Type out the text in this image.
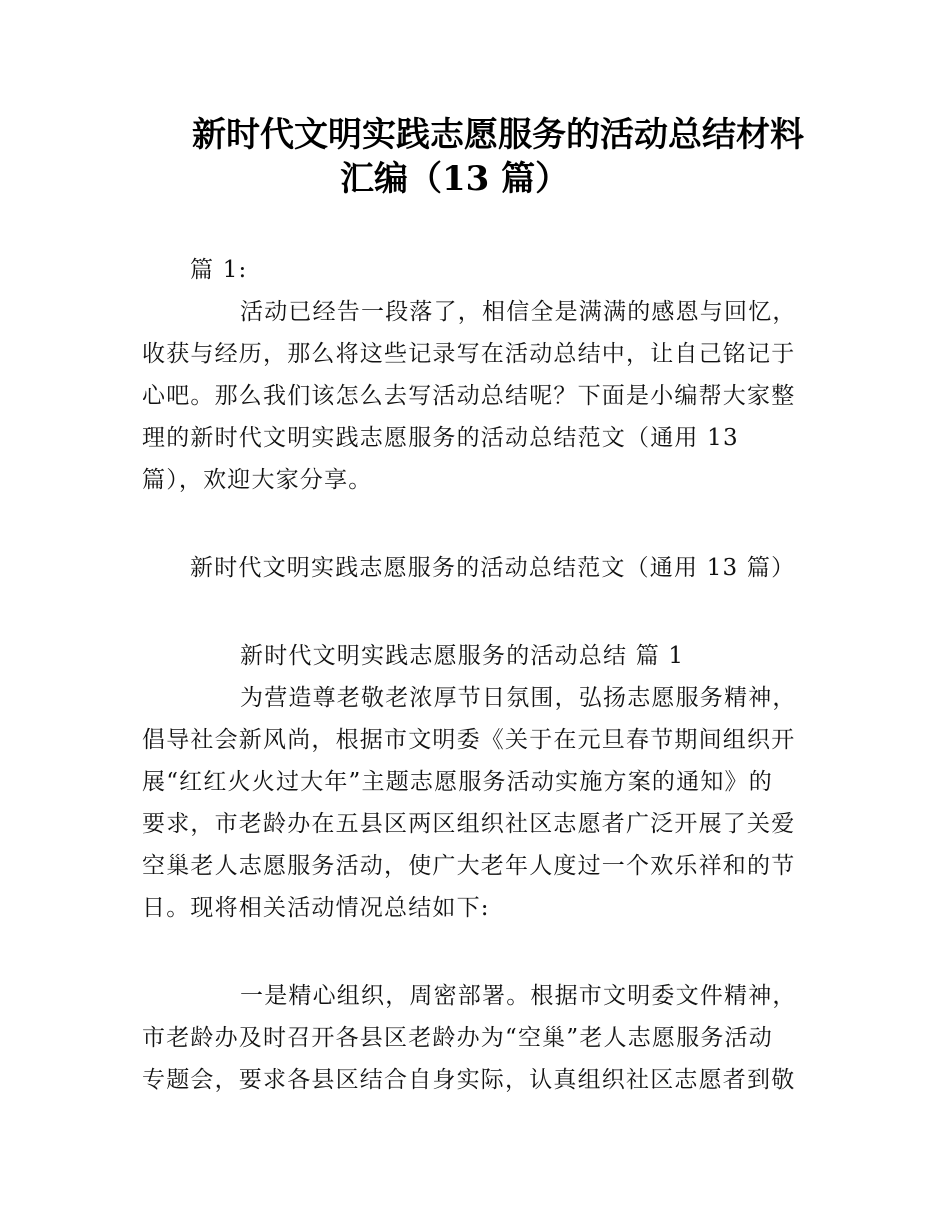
新时代文明实践志愿服务的活动总结材料
汇编（13 篇）
篇 1:
活动已经告一段落了，相信全是满满的感恩与回忆，
收获与经历，那么将这些记录写在活动总结中，让自己铭记于
心吧。那么我们该怎么去写活动总结呢？下面是小编帮大家整
理的新时代文明实践志愿服务的活动总结范文（通用 13
篇），欢迎大家分享。
新时代文明实践志愿服务的活动总结范文（通用 13 篇）
新时代文明实践志愿服务的活动总结 篇 1
为营造尊老敬老浓厚节日氛围，弘扬志愿服务精神，
倡导社会新风尚，根据市文明委《关于在元旦春节期间组织开
展“红红火火过大年”主题志愿服务活动实施方案的通知》的
要求，市老龄办在五县区两区组织社区志愿者广泛开展了关爱
空巢老人志愿服务活动，使广大老年人度过一个欢乐祥和的节
日。现将相关活动情况总结如下:
一是精心组织，周密部署。根据市文明委文件精神，
市老龄办及时召开各县区老龄办为“空巢”老人志愿服务活动
专题会，要求各县区结合自身实际，认真组织社区志愿者到敬
